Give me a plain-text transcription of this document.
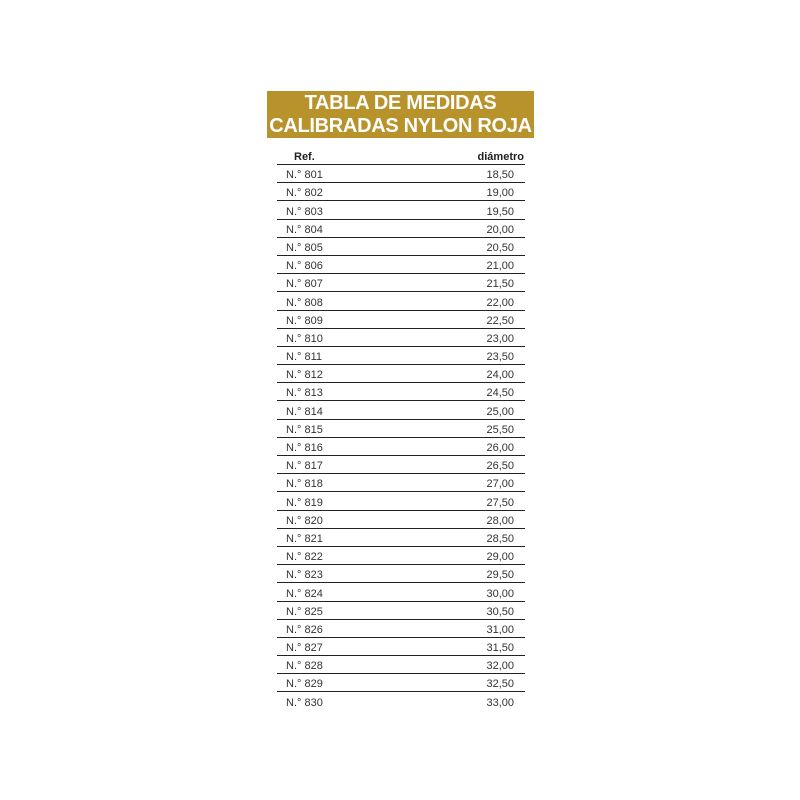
TABLA DE MEDIDAS
CALIBRADAS NYLON ROJA
Ref.	diámetro
N.° 801	18,50
N.° 802	19,00
N.° 803	19,50
N.° 804	20,00
N.° 805	20,50
N.° 806	21,00
N.° 807	21,50
N.° 808	22,00
N.° 809	22,50
N.° 810	23,00
N.° 811	23,50
N.° 812	24,00
N.° 813	24,50
N.° 814	25,00
N.° 815	25,50
N.° 816	26,00
N.° 817	26,50
N.° 818	27,00
N.° 819	27,50
N.° 820	28,00
N.° 821	28,50
N.° 822	29,00
N.° 823	29,50
N.° 824	30,00
N.° 825	30,50
N.° 826	31,00
N.° 827	31,50
N.° 828	32,00
N.° 829	32,50
N.° 830	33,00
